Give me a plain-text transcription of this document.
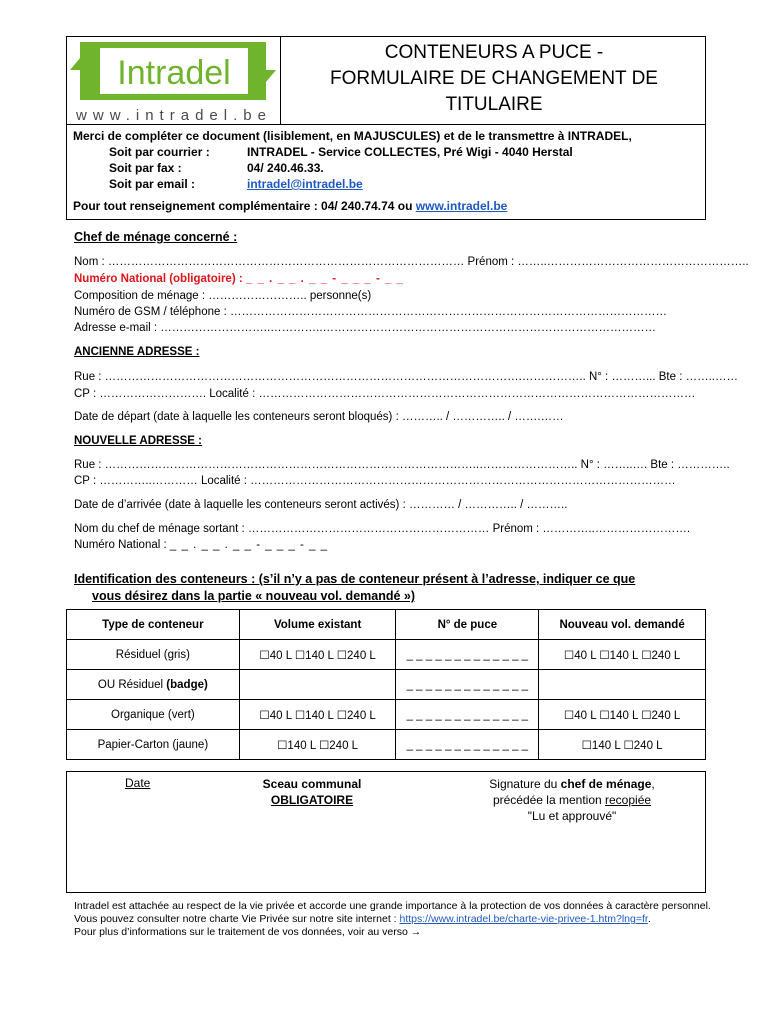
Intradel
www.intradel.be
CONTENEURS A PUCE -
FORMULAIRE DE CHANGEMENT DE
TITULAIRE
Merci de compléter ce document (lisiblement, en MAJUSCULES) et de le transmettre à INTRADEL,
Soit par courrier :	INTRADEL - Service COLLECTES, Pré Wigi - 4040 Herstal
Soit par fax :	04/ 240.46.33.
Soit par email :	intradel@intradel.be
Pour tout renseignement complémentaire : 04/ 240.74.74 ou www.intradel.be
Chef de ménage concerné :
Nom : ………………………………………………………………………………… Prénom : ……..……………………………………………..
Numéro National (obligatoire) : _ _ . _ _ . _ _ - _ _ _ - _ _
Composition de ménage : …………………….. personne(s)
Numéro de GSM / téléphone : ……………………………………………………………………………………………………
Adresse e-mail : ………………………..…………..……………………………………………………………………………
ANCIENNE ADRESSE :
Rue : ……………………………………………………………………………………………….…………….. N° : ………... Bte : ……..……
CP : ………………………. Localité : ……………………………………………………………………………………………………
Date de départ (date à laquelle les conteneurs seront bloqués) : ……….. / ………….. / …….……
NOUVELLE ADRESSE :
Rue : ……………………………………………………………………………………..…………………….. N° : ……..…. Bte : …………..
CP : …………..………… Localité : …………………………………………………………………………………………………
Date de d’arrivée (date à laquelle les conteneurs seront activés) : ………… / ………….. / ………..
Nom du chef de ménage sortant : ……………………………………………………… Prénom : …………..…………………….
Numéro National : _ _ . _ _ . _ _ - _ _ _ - _ _
Identification des conteneurs : (s’il n’y a pas de conteneur présent à l’adresse, indiquer ce que
vous désirez dans la partie « nouveau vol. demandé »)
Type de conteneur	Volume existant	N° de puce	Nouveau vol. demandé
Résiduel (gris)	☐40 L ☐140 L ☐240 L	_ _ _ _ _ _ _ _ _ _ _ _ _	☐40 L ☐140 L ☐240 L
OU Résiduel (badge)		_ _ _ _ _ _ _ _ _ _ _ _ _	
Organique (vert)	☐40 L ☐140 L ☐240 L	_ _ _ _ _ _ _ _ _ _ _ _ _	☐40 L ☐140 L ☐240 L
Papier-Carton (jaune)	☐140 L ☐240 L	_ _ _ _ _ _ _ _ _ _ _ _ _	☐140 L ☐240 L
Date	Sceau communal
OBLIGATOIRE
Signature du chef de ménage,
précédée la mention recopiée
"Lu et approuvé"
Intradel est attachée au respect de la vie privée et accorde une grande importance à la protection de vos données à caractère personnel. Vous pouvez consulter notre charte Vie Privée sur notre site internet : https://www.intradel.be/charte-vie-privee-1.htm?lng=fr.
Pour plus d’informations sur le traitement de vos données, voir au verso →
